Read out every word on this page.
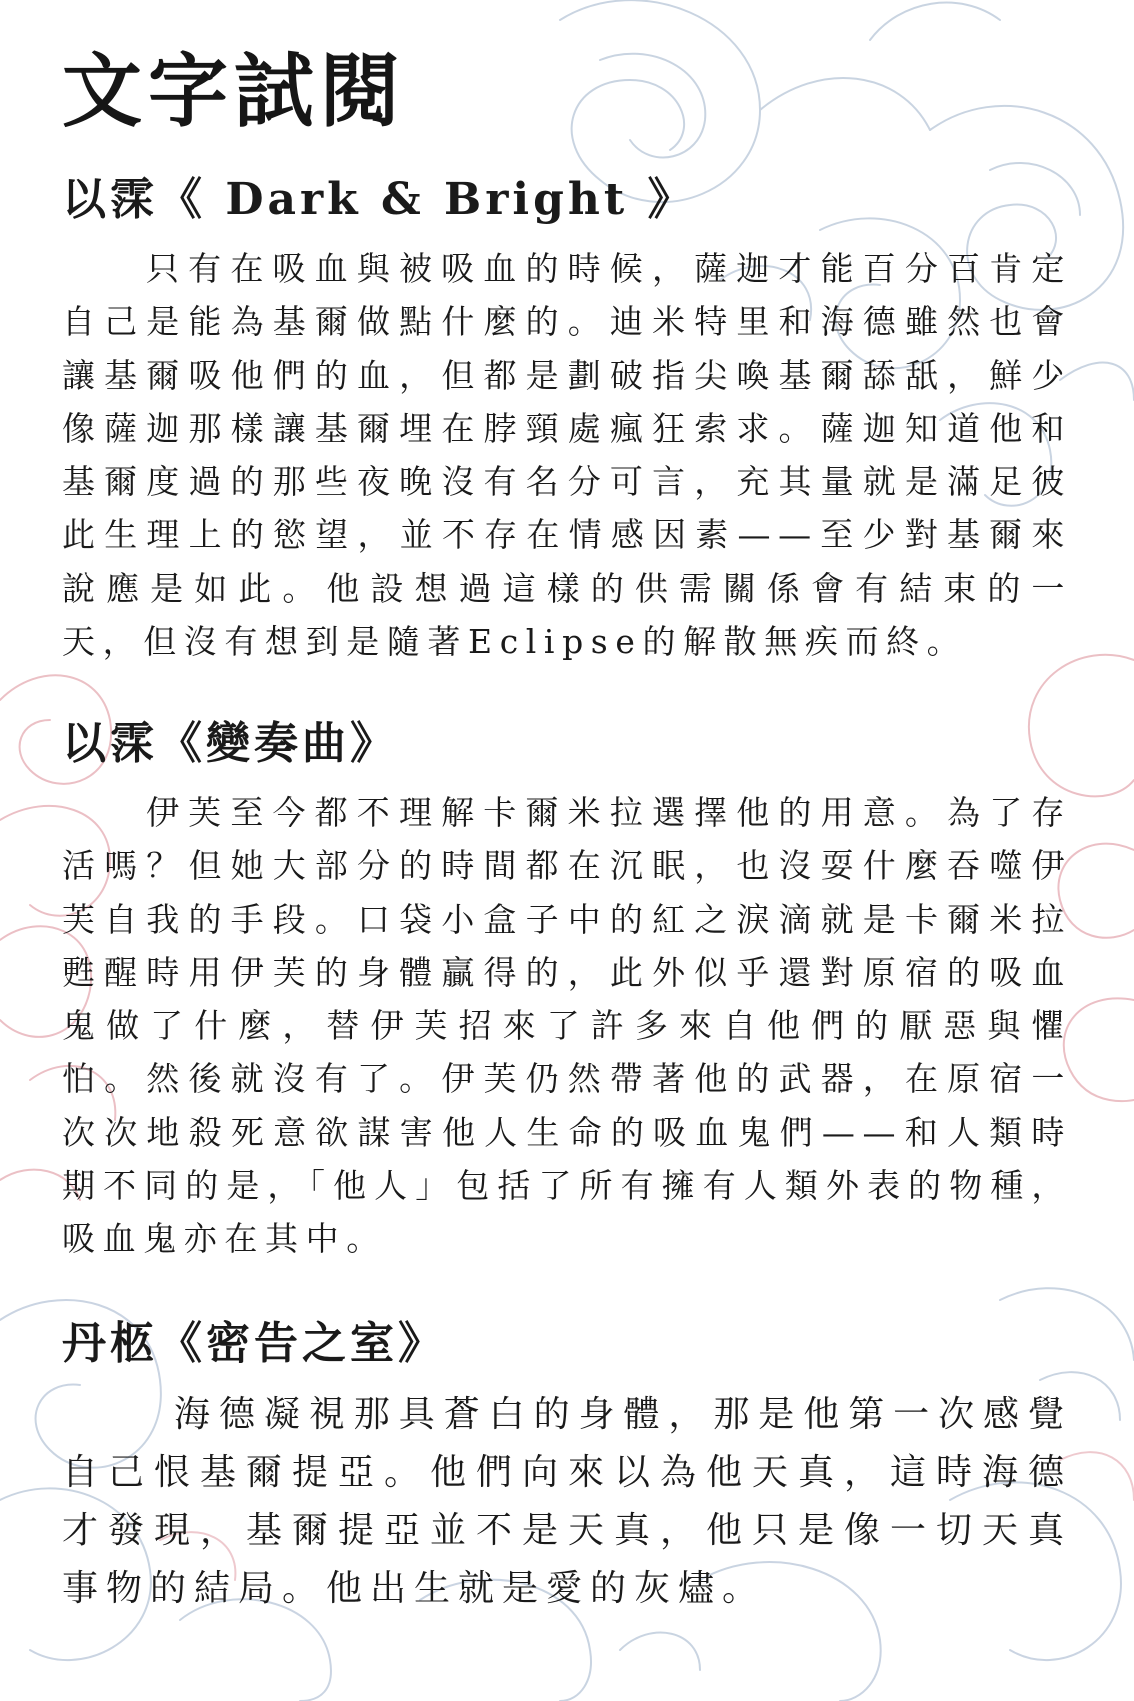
文字試閱
以霂《 Dark & Bright 》

只有在吸血與被吸血的時候，薩迦才能百分百肯定自己是能為基爾做點什麼的。迪米特里和海德雖然也會讓基爾吸他們的血，但都是劃破指尖喚基爾舔舐，鮮少像薩迦那樣讓基爾埋在脖頸處瘋狂索求。薩迦知道他和基爾度過的那些夜晚沒有名分可言，充其量就是滿足彼此生理上的慾望，並不存在情感因素——至少對基爾來說應是如此。他設想過這樣的供需關係會有結束的一天，但沒有想到是隨著Eclipse的解散無疾而終。

以霂《變奏曲》

伊芙至今都不理解卡爾米拉選擇他的用意。為了存活嗎？但她大部分的時間都在沉眠，也沒耍什麼吞噬伊芙自我的手段。口袋小盒子中的紅之淚滴就是卡爾米拉甦醒時用伊芙的身體贏得的，此外似乎還對原宿的吸血鬼做了什麼，替伊芙招來了許多來自他們的厭惡與懼怕。然後就沒有了。伊芙仍然帶著他的武器，在原宿一次次地殺死意欲謀害他人生命的吸血鬼們——和人類時期不同的是，「他人」包括了所有擁有人類外表的物種，吸血鬼亦在其中。

丹柩《密告之室》

海德凝視那具蒼白的身體，那是他第一次感覺自己恨基爾提亞。他們向來以為他天真，這時海德才發現，基爾提亞並不是天真，他只是像一切天真事物的結局。他出生就是愛的灰燼。
